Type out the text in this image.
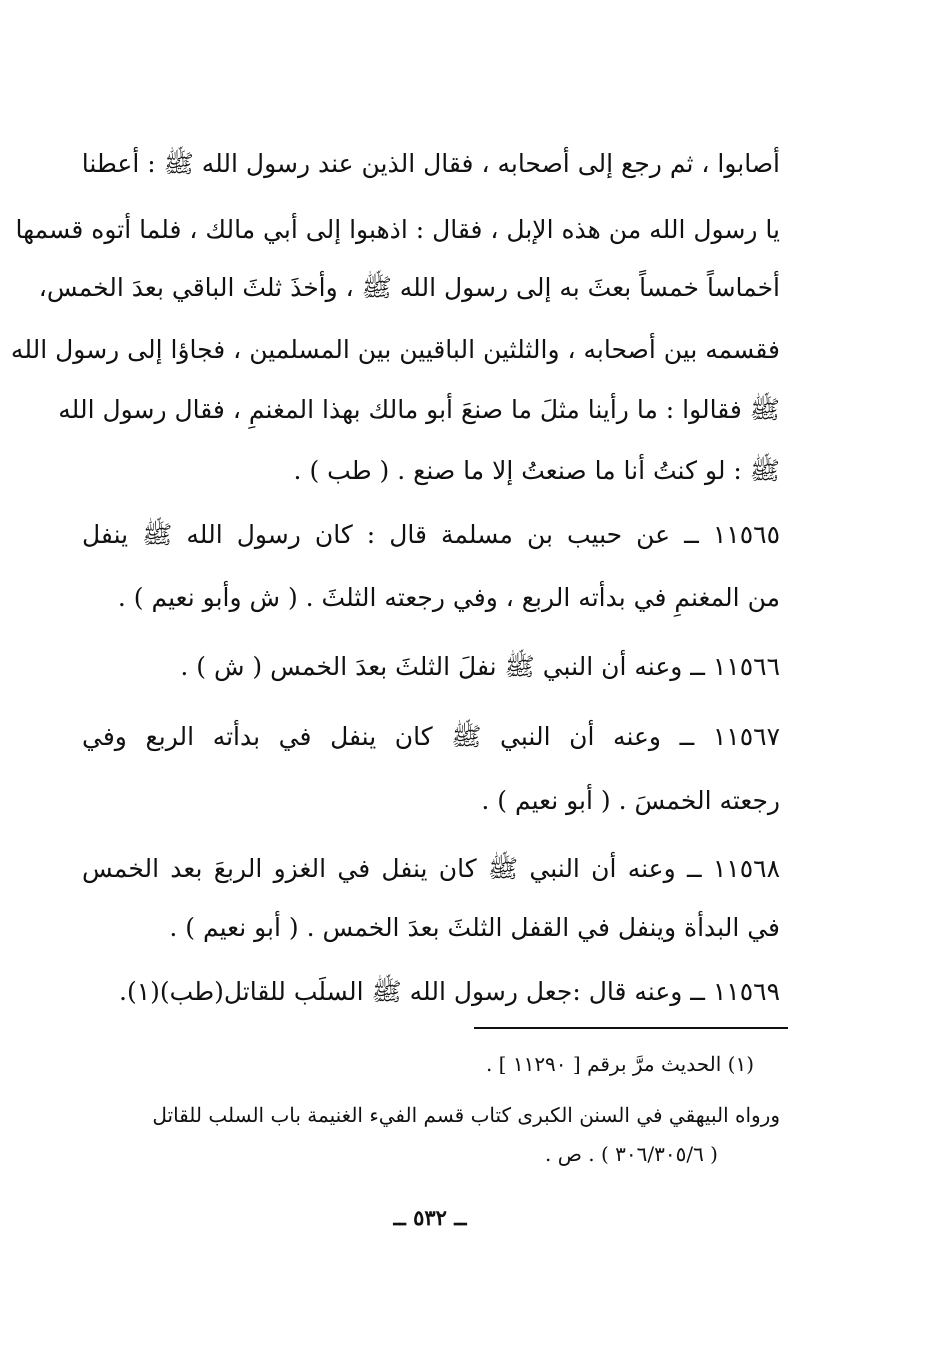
أصابوا ، ثم رجع إلى أصحابه ، فقال الذين عند رسول الله ﷺ : أعطنا
يا رسول الله من هذه الإبل ، فقال : اذهبوا إلى أبي مالك ، فلما أتوه قسمها
أخماساً خمساً بعثَ به إلى رسول الله ﷺ ، وأخذَ ثلثَ الباقي بعدَ الخمس،
فقسمه بين أصحابه ، والثلثين الباقيين بين المسلمين ، فجاؤا إلى رسول الله
ﷺ فقالوا : ما رأينا مثلَ ما صنعَ أبو مالك بهذا المغنمِ ، فقال رسول الله
ﷺ : لو كنتُ أنا ما صنعتُ إلا ما صنع . ( طب ) .
١١٥٦٥ ــ عن حبيب بن مسلمة قال : كان رسول الله ﷺ ينفل
من المغنمِ في بدأته الربع ، وفي رجعته الثلثَ . ( ش وأبو نعيم ) .
١١٥٦٦ ــ وعنه أن النبي ﷺ نفلَ الثلثَ بعدَ الخمس ( ش ) .
١١٥٦٧ ــ وعنه أن النبي ﷺ كان ينفل في بدأته الربع وفي
رجعته الخمسَ . ( أبو نعيم ) .
١١٥٦٨ ــ وعنه أن النبي ﷺ كان ينفل في الغزو الربعَ بعد الخمس
في البدأة وينفل في القفل الثلثَ بعدَ الخمس . ( أبو نعيم ) .
١١٥٦٩ ــ وعنه قال :جعل رسول الله ﷺ السلَب للقاتل(طب)(١).
(١) الحديث مرَّ برقم [ ١١٢٩٠ ] .
ورواه البيهقي في السنن الكبرى كتاب قسم الفيء الغنيمة باب السلب للقاتل
( ٣٠٦/٣٠٥/٦ ) . ص .
ــ ٥٣٢ ــ
